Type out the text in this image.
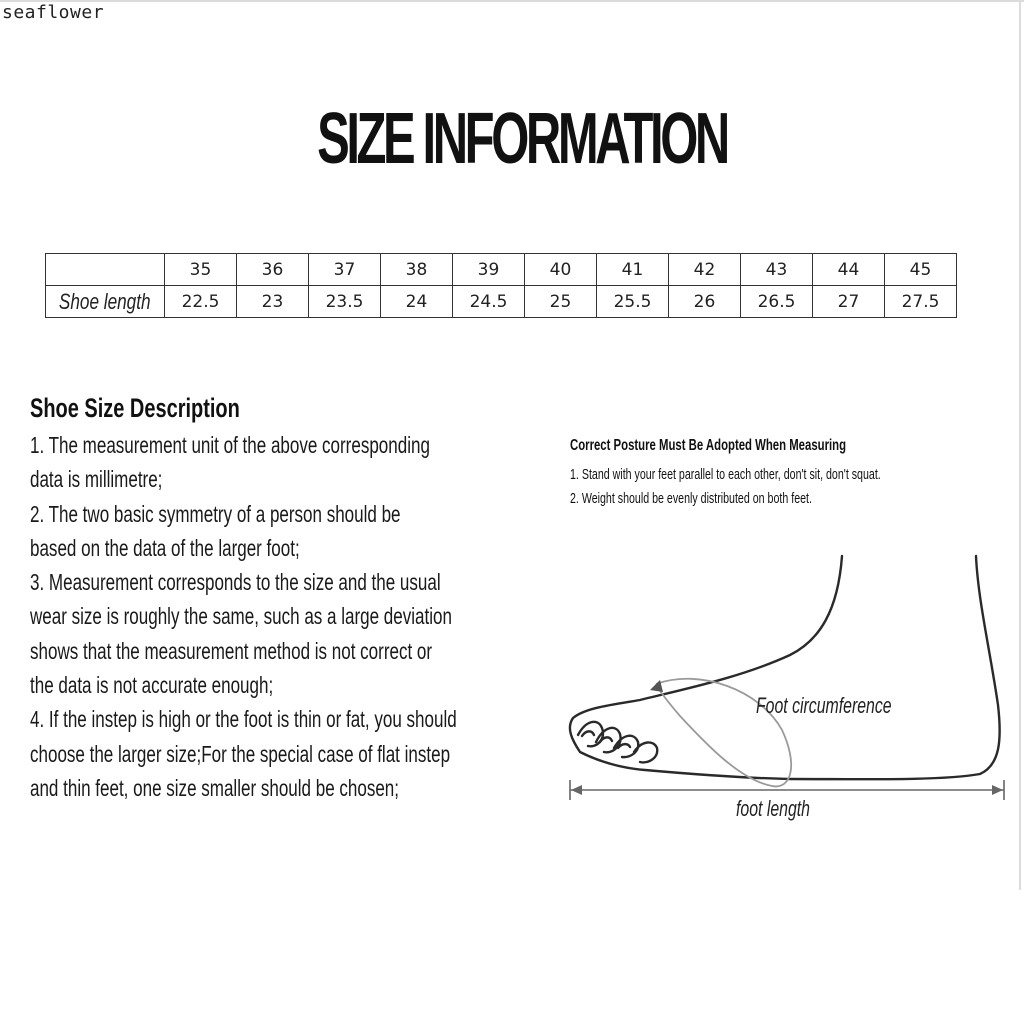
seaflower
SIZE INFORMATION
	35	36	37	38	39	40	41	42	43	44	45
Shoe length	22.5	23	23.5	24	24.5	25	25.5	26	26.5	27	27.5
Shoe Size Description
1. The measurement unit of the above corresponding
data is millimetre;
2. The two basic symmetry of a person should be
based on the data of the larger foot;
3. Measurement corresponds to the size and the usual
wear size is roughly the same, such as a large deviation
shows that the measurement method is not correct or
the data is not accurate enough;
4. If the instep is high or the foot is thin or fat, you should
choose the larger size;For the special case of flat instep
and thin feet, one size smaller should be chosen;
Correct Posture Must Be Adopted When Measuring
1. Stand with your feet parallel to each other, don't sit, don't squat.
2. Weight should be evenly distributed on both feet.
Foot circumference
foot length
